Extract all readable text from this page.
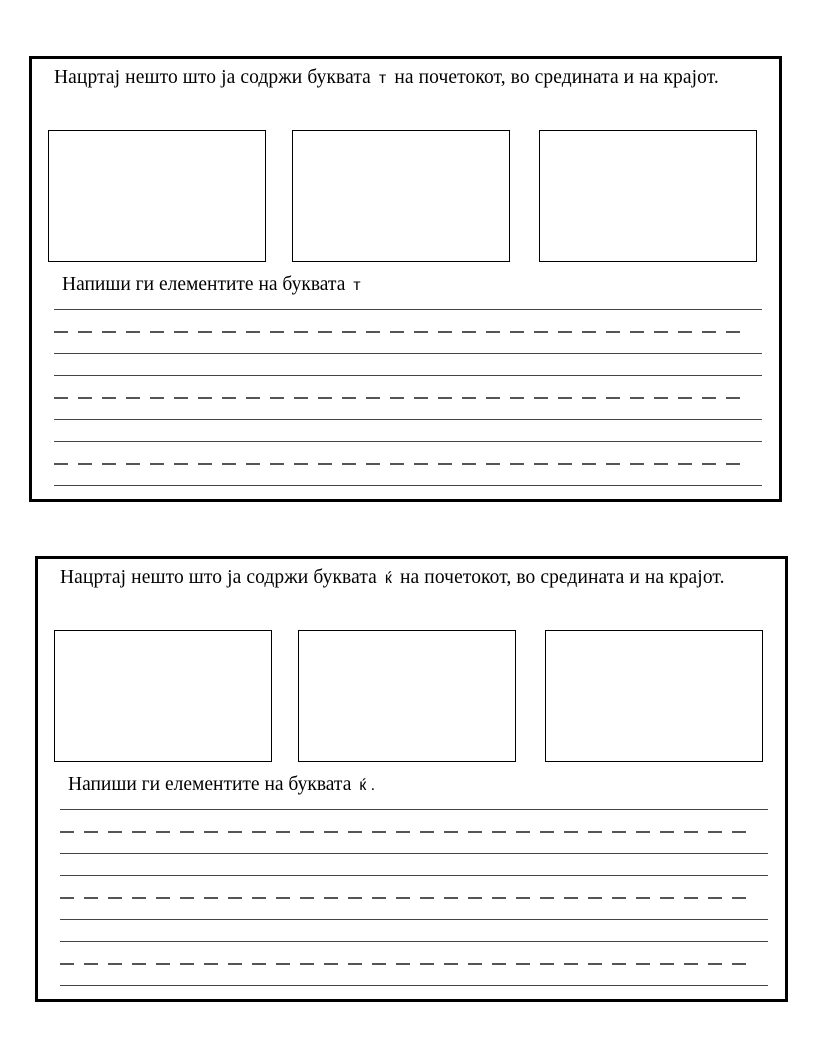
Нацртај нешто што ја содржи буквата т на почетокот, во средината и на крајот.
Напиши ги елементите на буквата т
Нацртај нешто што ја содржи буквата ќ на почетокот, во средината и на крајот.
Напиши ги елементите на буквата ќ .
